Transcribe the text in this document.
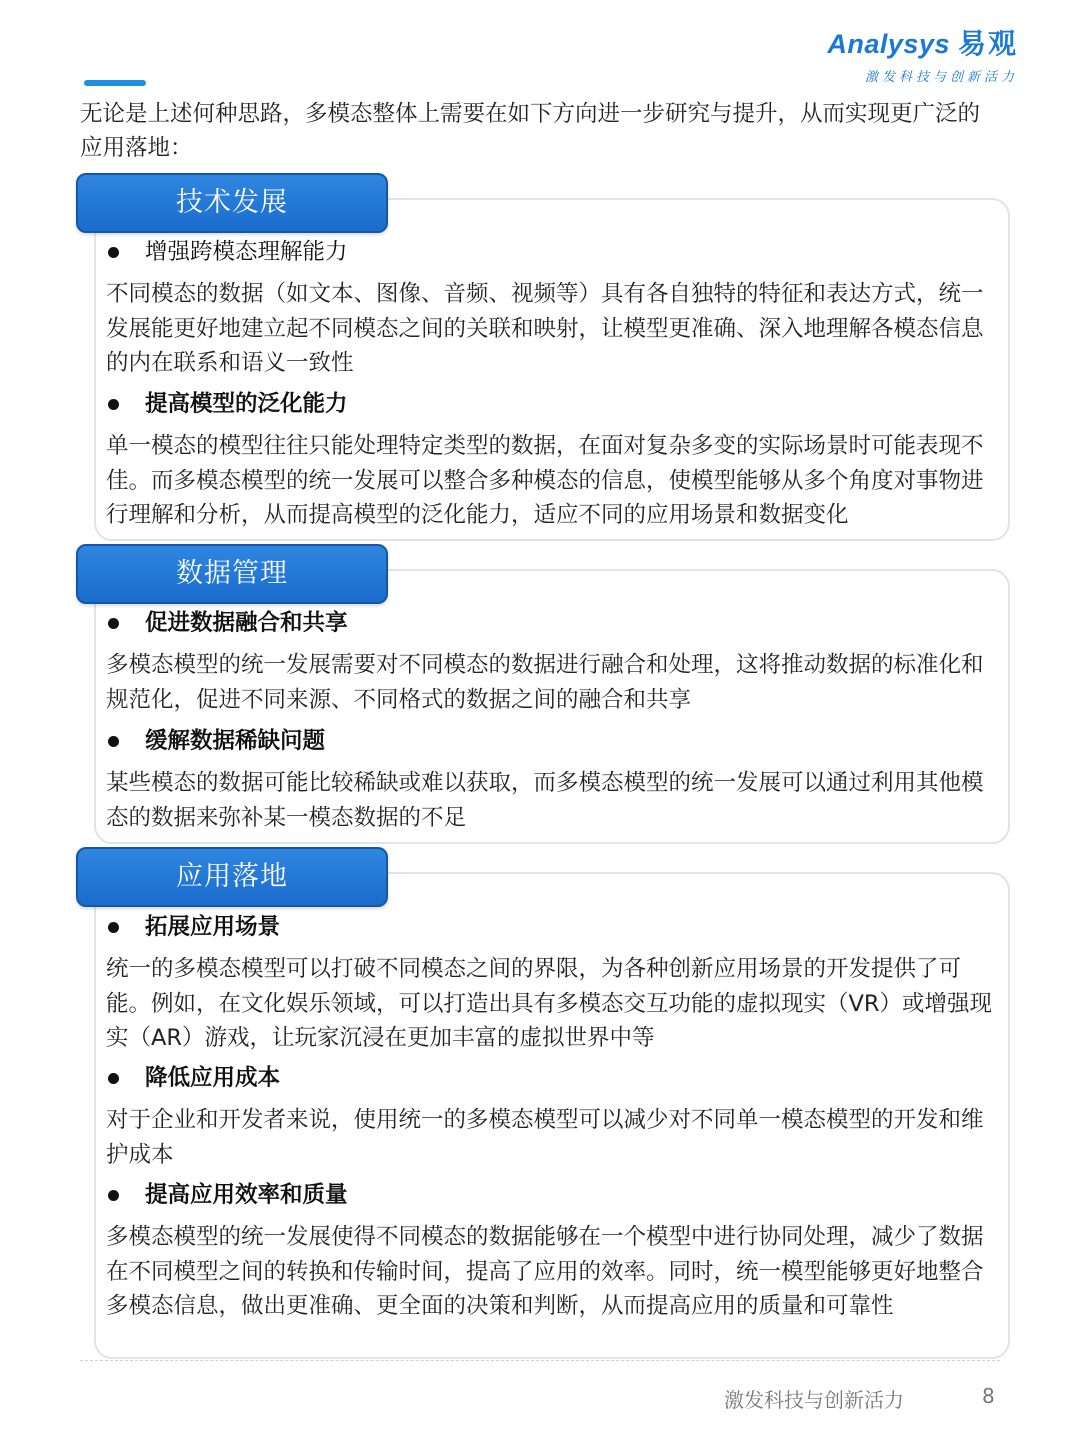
Analysys 易观
激发科技与创新活力
无论是上述何种思路，多模态整体上需要在如下方向进一步研究与提升，从而实现更广泛的应用落地：
技术发展
增强跨模态理解能力
不同模态的数据（如文本、图像、音频、视频等）具有各自独特的特征和表达方式，统一发展能更好地建立起不同模态之间的关联和映射，让模型更准确、深入地理解各模态信息的内在联系和语义一致性
提高模型的泛化能力
单一模态的模型往往只能处理特定类型的数据，在面对复杂多变的实际场景时可能表现不佳。而多模态模型的统一发展可以整合多种模态的信息，使模型能够从多个角度对事物进行理解和分析，从而提高模型的泛化能力，适应不同的应用场景和数据变化
数据管理
促进数据融合和共享
多模态模型的统一发展需要对不同模态的数据进行融合和处理，这将推动数据的标准化和规范化，促进不同来源、不同格式的数据之间的融合和共享
缓解数据稀缺问题
某些模态的数据可能比较稀缺或难以获取，而多模态模型的统一发展可以通过利用其他模态的数据来弥补某一模态数据的不足
应用落地
拓展应用场景
统一的多模态模型可以打破不同模态之间的界限，为各种创新应用场景的开发提供了可能。例如，在文化娱乐领域，可以打造出具有多模态交互功能的虚拟现实（VR）或增强现实（AR）游戏，让玩家沉浸在更加丰富的虚拟世界中等
降低应用成本
对于企业和开发者来说，使用统一的多模态模型可以减少对不同单一模态模型的开发和维护成本
提高应用效率和质量
多模态模型的统一发展使得不同模态的数据能够在一个模型中进行协同处理，减少了数据在不同模型之间的转换和传输时间，提高了应用的效率。同时，统一模型能够更好地整合多模态信息，做出更准确、更全面的决策和判断，从而提高应用的质量和可靠性
激发科技与创新活力	8
